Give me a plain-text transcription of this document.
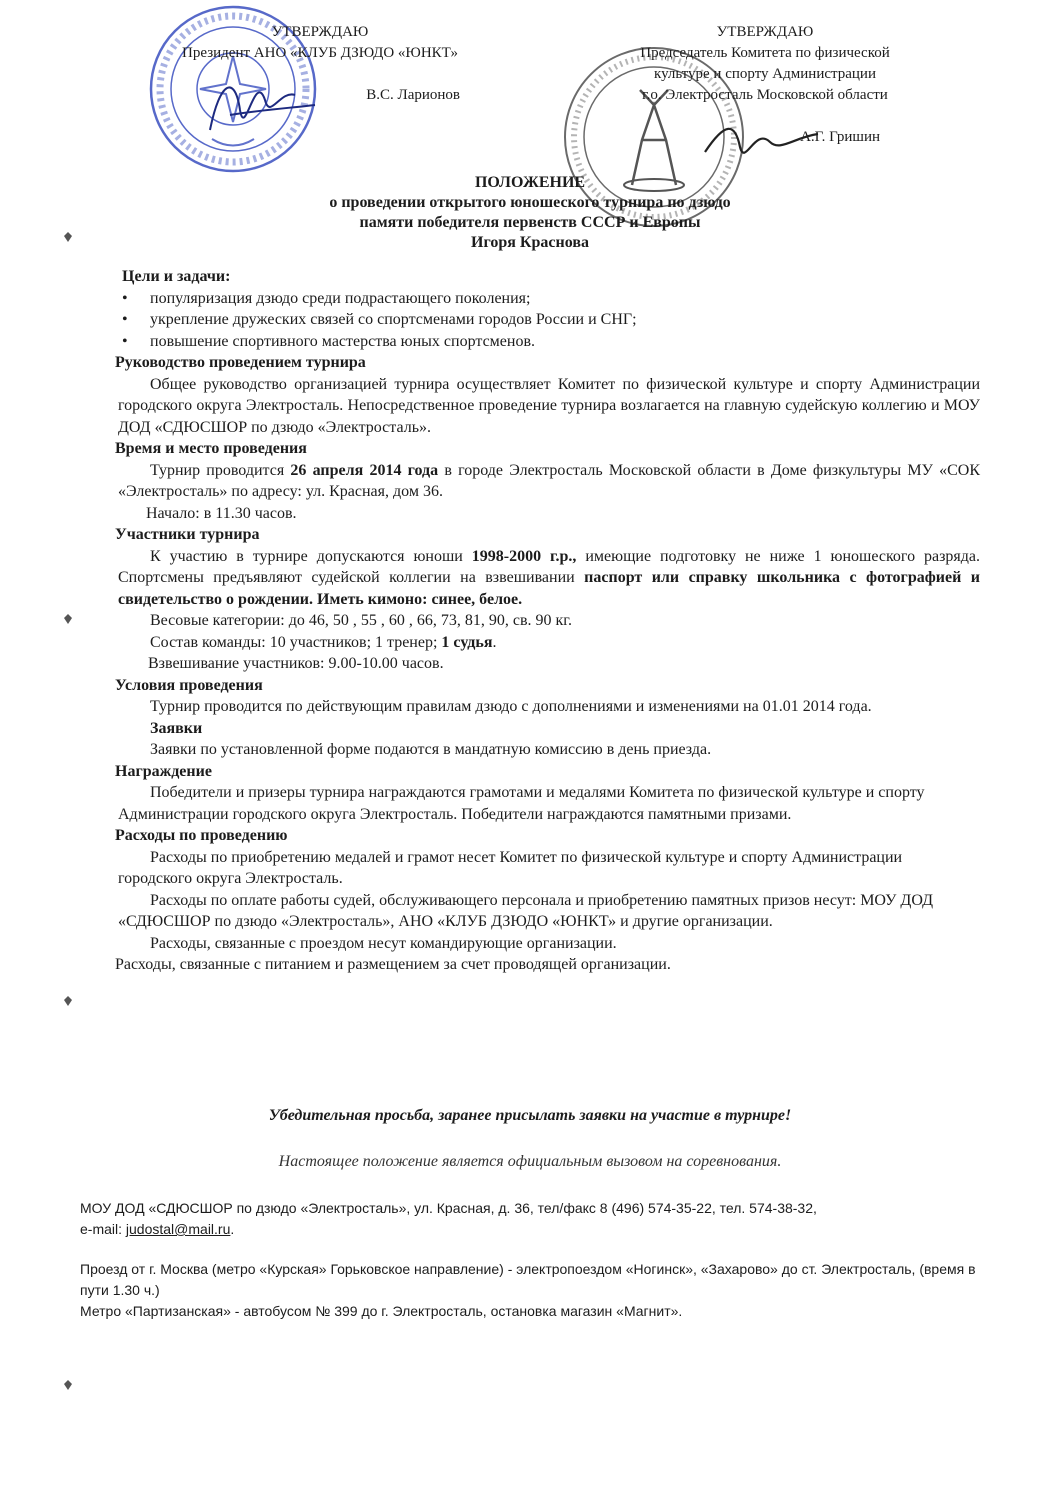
УТВЕРЖДАЮ
Президент АНО «КЛУБ ДЗЮДО «ЮНКТ»
В.С. Ларионов
УТВЕРЖДАЮ
Председатель Комитета по физической
культуре и спорту Администрации
г.о. Электросталь Московской области
А.Г. Гришин
ПОЛОЖЕНИЕ
о проведении открытого юношеского турнира по дзюдо
памяти победителя первенств СССР и Европы
Игоря Краснова
Цели и задачи:
• популяризация дзюдо среди подрастающего поколения;
• укрепление дружеских связей со спортсменами городов России и СНГ;
• повышение спортивного мастерства юных спортсменов.
Руководство проведением турнира
Общее руководство организацией турнира осуществляет Комитет по физической культуре и спорту Администрации городского округа Электросталь. Непосредственное проведение турнира возлагается на главную судейскую коллегию и МОУ ДОД «СДЮСШОР по дзюдо «Электросталь».
Время и место проведения
Турнир проводится 26 апреля 2014 года в городе Электросталь Московской области в Доме физкультуры МУ «СОК «Электросталь» по адресу: ул. Красная, дом 36.
Начало: в 11.30 часов.
Участники турнира
К участию в турнире допускаются юноши 1998-2000 г.р., имеющие подготовку не ниже 1 юношеского разряда. Спортсмены предъявляют судейской коллегии на взвешивании паспорт или справку школьника с фотографией и свидетельство о рождении. Иметь кимоно: синее, белое.
Весовые категории: до 46, 50 , 55 , 60 , 66, 73, 81, 90, св. 90 кг.
Состав команды: 10 участников; 1 тренер; 1 судья.
Взвешивание участников: 9.00-10.00 часов.
Условия проведения
Турнир проводится по действующим правилам дзюдо с дополнениями и изменениями на 01.01 2014 года.
Заявки
Заявки по установленной форме подаются в мандатную комиссию в день приезда.
Награждение
Победители и призеры турнира награждаются грамотами и медалями Комитета по физической культуре и спорту Администрации городского округа Электросталь. Победители награждаются памятными призами.
Расходы по проведению
Расходы по приобретению медалей и грамот несет Комитет по физической культуре и спорту Администрации городского округа Электросталь.
Расходы по оплате работы судей, обслуживающего персонала и приобретению памятных призов несут: МОУ ДОД «СДЮСШОР по дзюдо «Электросталь», АНО «КЛУБ ДЗЮДО «ЮНКТ» и другие организации.
Расходы, связанные с проездом несут командирующие организации.
Расходы, связанные с питанием и размещением за счет проводящей организации.
Убедительная просьба, заранее присылать заявки на участие в турнире!
Настоящее положение является официальным вызовом на соревнования.
МОУ ДОД «СДЮСШОР по дзюдо «Электросталь», ул. Красная, д. 36, тел/факс 8 (496) 574-35-22, тел. 574-38-32,
e-mail: judostal@mail.ru.

Проезд от г. Москва (метро «Курская» Горьковское направление) - электропоездом «Ногинск», «Захарово» до ст. Электросталь, (время в пути 1.30 ч.)

Метро «Партизанская» - автобусом № 399 до г. Электросталь, остановка магазин «Магнит».
